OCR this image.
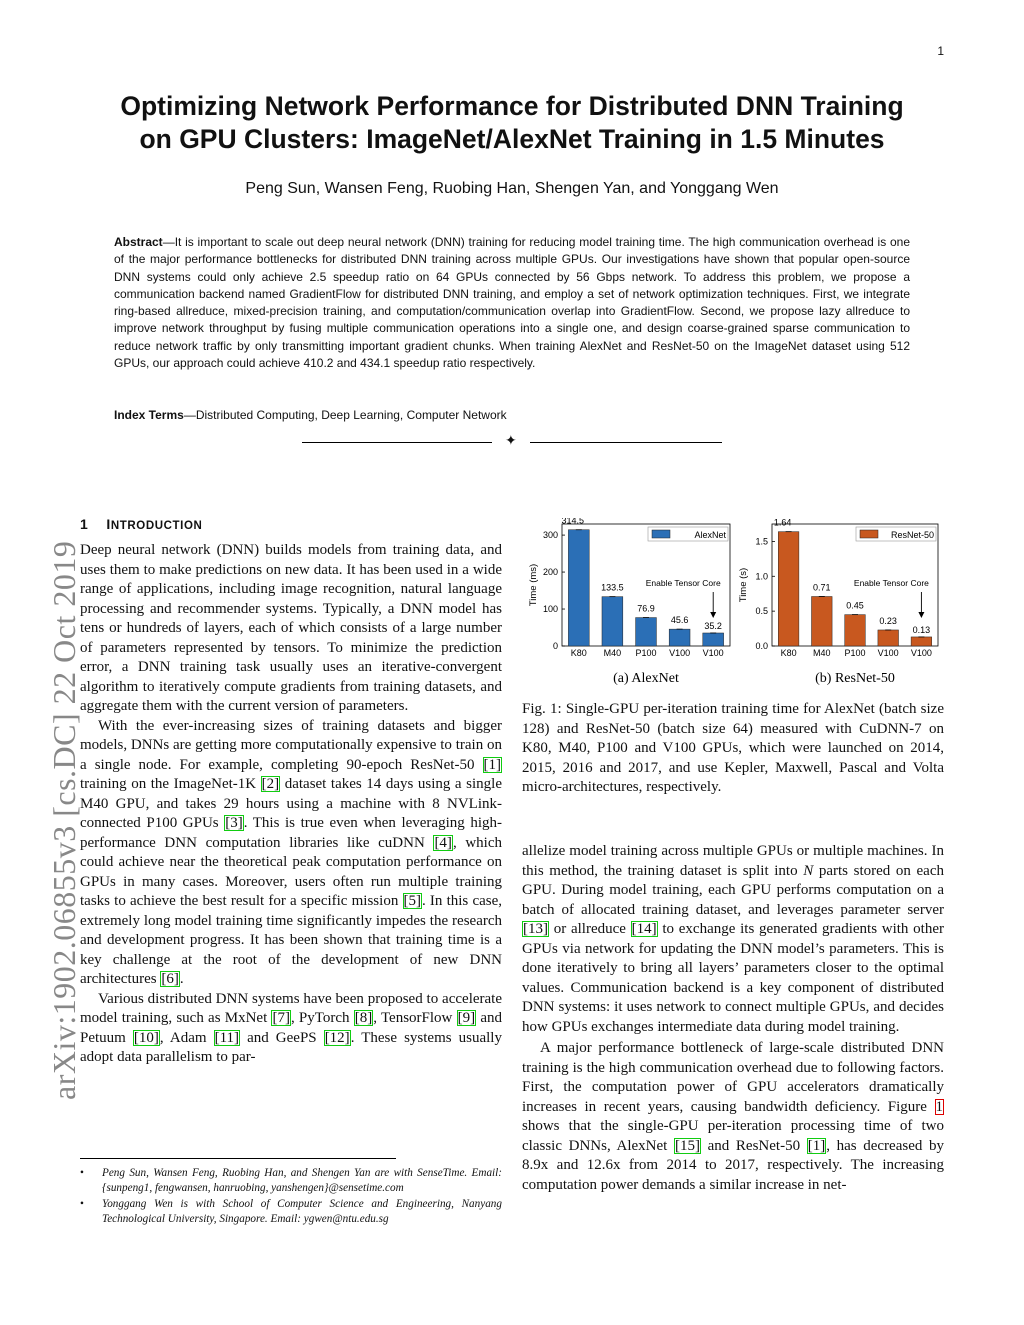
1
arXiv:1902.06855v3 [cs.DC] 22 Oct 2019
Optimizing Network Performance for Distributed DNN Training
on GPU Clusters: ImageNet/AlexNet Training in 1.5 Minutes
Peng Sun, Wansen Feng, Ruobing Han, Shengen Yan, and Yonggang Wen
Abstract—It is important to scale out deep neural network (DNN) training for reducing model training time. The high communication overhead is one of the major performance bottlenecks for distributed DNN training across multiple GPUs. Our investigations have shown that popular open-source DNN systems could only achieve 2.5 speedup ratio on 64 GPUs connected by 56 Gbps network. To address this problem, we propose a communication backend named GradientFlow for distributed DNN training, and employ a set of network optimization techniques. First, we integrate ring-based allreduce, mixed-precision training, and computation/communication overlap into GradientFlow. Second, we propose lazy allreduce to improve network throughput by fusing multiple communication operations into a single one, and design coarse-grained sparse communication to reduce network traffic by only transmitting important gradient chunks. When training AlexNet and ResNet-50 on the ImageNet dataset using 512 GPUs, our approach could achieve 410.2 and 434.1 speedup ratio respectively.
Index Terms—Distributed Computing, Deep Learning, Computer Network
✦
1 INTRODUCTION

Deep neural network (DNN) builds models from training data, and uses them to make predictions on new data. It has been used in a wide range of applications, including image recognition, natural language processing and recommender systems. Typically, a DNN model has tens or hundreds of layers, each of which consists of a large number of parameters represented by tensors. To minimize the prediction error, a DNN training task usually uses an iterative-convergent algorithm to iteratively compute gradients from training datasets, and aggregate them with the current version of parameters.

With the ever-increasing sizes of training datasets and bigger models, DNNs are getting more computationally expensive to train on a single node. For example, completing 90-epoch ResNet-50 [1] training on the ImageNet-1K [2] dataset takes 14 days using a single M40 GPU, and takes 29 hours using a machine with 8 NVLink-connected P100 GPUs [3]. This is true even when leveraging high-performance DNN computation libraries like cuDNN [4], which could achieve near the theoretical peak computation performance on GPUs in many cases. Moreover, users often run multiple training tasks to achieve the best result for a specific mission [5]. In this case, extremely long model training time significantly impedes the research and development progress. It has been shown that training time is a key challenge at the root of the development of new DNN architectures [6].

Various distributed DNN systems have been proposed to accelerate model training, such as MxNet [7], PyTorch [8], TensorFlow [9] and Petuum [10], Adam [11] and GeePS [12]. These systems usually adopt data parallelism to par-

• Peng Sun, Wansen Feng, Ruobing Han, and Shengen Yan are with SenseTime. Email: {sunpeng1, fengwansen, hanruobing, yanshengen}@sensetime.com
• Yonggang Wen is with School of Computer Science and Engineering, Nanyang Technological University, Singapore. Email: ygwen@ntu.edu.sg
0
100
200
300
Time (ms)
314.5
K80
133.5
M40
76.9
P100
45.6
V100
35.2
V100
AlexNet
Enable Tensor Core
(a) AlexNet
0.0
0.5
1.0
1.5
Time (s)
1.64
K80
0.71
M40
0.45
P100
0.23
V100
0.13
V100
ResNet-50
Enable Tensor Core
(b) ResNet-50
Fig. 1: Single-GPU per-iteration training time for AlexNet (batch size 128) and ResNet-50 (batch size 64) measured with CuDNN-7 on K80, M40, P100 and V100 GPUs, which were launched on 2014, 2015, 2016 and 2017, and use Kepler, Maxwell, Pascal and Volta micro-architectures, respectively.

allelize model training across multiple GPUs or multiple machines. In this method, the training dataset is split into N parts stored on each GPU. During model training, each GPU performs computation on a batch of allocated training dataset, and leverages parameter server [13] or allreduce [14] to exchange its generated gradients with other GPUs via network for updating the DNN model’s parameters. This is done iteratively to bring all layers’ parameters closer to the optimal values. Communication backend is a key component of distributed DNN systems: it uses network to connect multiple GPUs, and decides how GPUs exchanges intermediate data during model training.

A major performance bottleneck of large-scale distributed DNN training is the high communication overhead due to following factors. First, the computation power of GPU accelerators dramatically increases in recent years, causing bandwidth deficiency. Figure 1 shows that the single-GPU per-iteration processing time of two classic DNNs, AlexNet [15] and ResNet-50 [1], has decreased by 8.9x and 12.6x from 2014 to 2017, respectively. The increasing computation power demands a similar increase in net-
